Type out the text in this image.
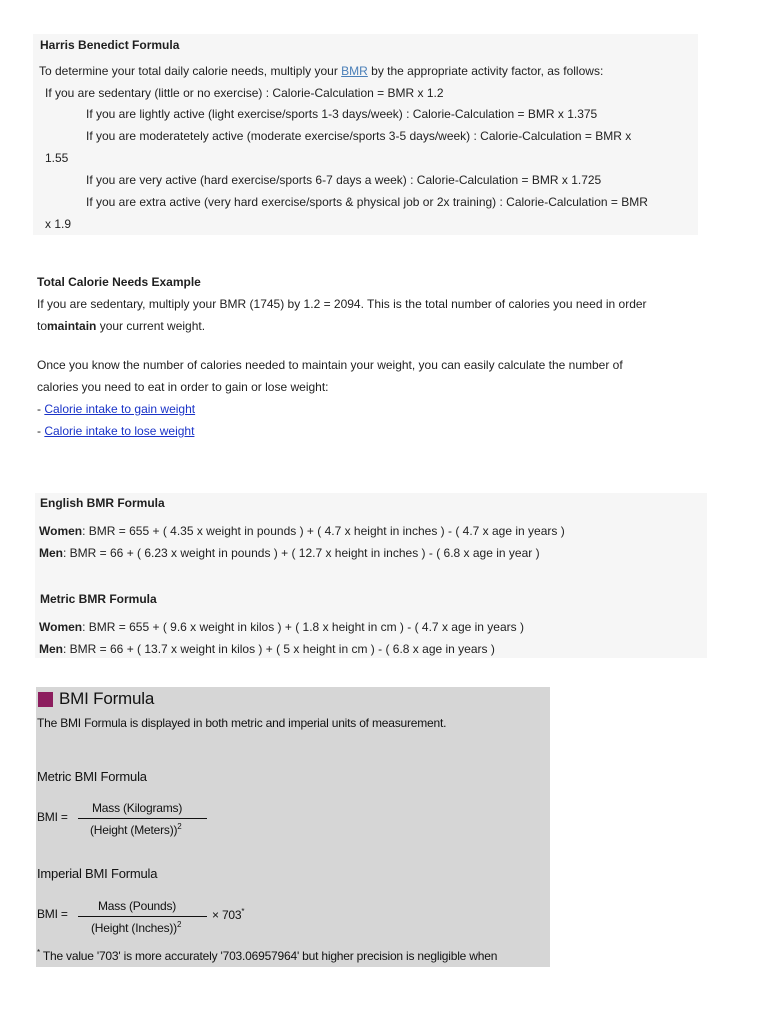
Harris Benedict Formula
To determine your total daily calorie needs, multiply your BMR by the appropriate activity factor, as follows:
If you are sedentary (little or no exercise) : Calorie-Calculation = BMR x 1.2
If you are lightly active (light exercise/sports 1-3 days/week) : Calorie-Calculation = BMR x 1.375
If you are moderatetely active (moderate exercise/sports 3-5 days/week) : Calorie-Calculation = BMR x
1.55
If you are very active (hard exercise/sports 6-7 days a week) : Calorie-Calculation = BMR x 1.725
If you are extra active (very hard exercise/sports & physical job or 2x training) : Calorie-Calculation = BMR
x 1.9
Total Calorie Needs Example
If you are sedentary, multiply your BMR (1745) by 1.2 = 2094. This is the total number of calories you need in order
tomaintain your current weight.
Once you know the number of calories needed to maintain your weight, you can easily calculate the number of
calories you need to eat in order to gain or lose weight:
- Calorie intake to gain weight
- Calorie intake to lose weight
English BMR Formula
Women: BMR = 655 + ( 4.35 x weight in pounds ) + ( 4.7 x height in inches ) - ( 4.7 x age in years )
Men: BMR = 66 + ( 6.23 x weight in pounds ) + ( 12.7 x height in inches ) - ( 6.8 x age in year )
Metric BMR Formula
Women: BMR = 655 + ( 9.6 x weight in kilos ) + ( 1.8 x height in cm ) - ( 4.7 x age in years )
Men: BMR = 66 + ( 13.7 x weight in kilos ) + ( 5 x height in cm ) - ( 6.8 x age in years )
BMI Formula
The BMI Formula is displayed in both metric and imperial units of measurement.
Metric BMI Formula
BMI =
Mass (Kilograms)
(Height (Meters))$^2$
Imperial BMI Formula
BMI =
Mass (Pounds)
(Height (Inches))$^2$
× 703*
* The value '703' is more accurately '703.06957964' but higher precision is negligible when
